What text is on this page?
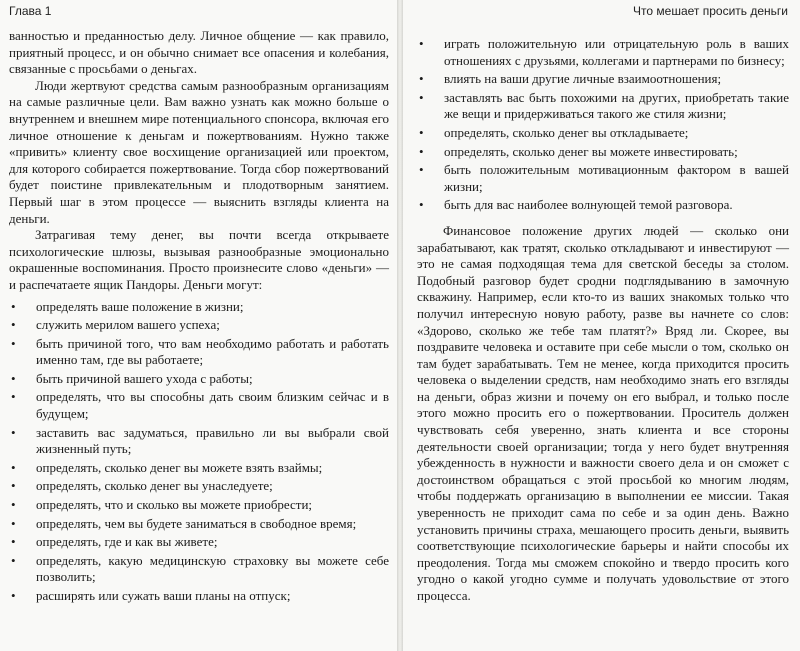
Глава 1

ванностью и преданностью делу. Личное общение — как правило, приятный процесс, и он обычно снимает все опасения и колебания, связанные с просьбами о деньгах.

Люди жертвуют средства самым разнообразным организациям на самые различные цели. Вам важно узнать как можно больше о внутреннем и внешнем мире потенциального спонсора, включая его личное отношение к деньгам и пожертвованиям. Нужно также «привить» клиенту свое восхищение организацией или проектом, для которого собирается пожертвование. Тогда сбор пожертвований будет поистине привлекательным и плодотворным занятием. Первый шаг в этом процессе — выяснить взгляды клиента на деньги.

Затрагивая тему денег, вы почти всегда открываете психологические шлюзы, вызывая разнообразные эмоционально окрашенные воспоминания. Просто произнесите слово «деньги» — и распечатаете ящик Пандоры. Деньги могут:

• определять ваше положение в жизни;
• служить мерилом вашего успеха;
• быть причиной того, что вам необходимо работать и работать именно там, где вы работаете;
• быть причиной вашего ухода с работы;
• определять, что вы способны дать своим близким сейчас и в будущем;
• заставить вас задуматься, правильно ли вы выбрали свой жизненный путь;
• определять, сколько денег вы можете взять взаймы;
• определять, сколько денег вы унаследуете;
• определять, что и сколько вы можете приобрести;
• определять, чем вы будете заниматься в свободное время;
• определять, где и как вы живете;
• определять, какую медицинскую страховку вы можете себе позволить;
• расширять или сужать ваши планы на отпуск;
Что мешает просить деньги
• играть положительную или отрицательную роль в ваших отношениях с друзьями, коллегами и партнерами по бизнесу;
• влиять на ваши другие личные взаимоотношения;
• заставлять вас быть похожими на других, приобретать такие же вещи и придерживаться такого же стиля жизни;
• определять, сколько денег вы откладываете;
• определять, сколько денег вы можете инвестировать;
• быть положительным мотивационным фактором в вашей жизни;
• быть для вас наиболее волнующей темой разговора.

Финансовое положение других людей — сколько они зарабатывают, как тратят, сколько откладывают и инвестируют — это не самая подходящая тема для светской беседы за столом. Подобный разговор будет сродни подглядыванию в замочную скважину. Например, если кто-то из ваших знакомых только что получил интересную новую работу, разве вы начнете со слов: «Здорово, сколько же тебе там платят?» Вряд ли. Скорее, вы поздравите человека и оставите при себе мысли о том, сколько он там будет зарабатывать. Тем не менее, когда приходится просить человека о выделении средств, нам необходимо знать его взгляды на деньги, образ жизни и почему он его выбрал, и только после этого можно просить его о пожертвовании. Проситель должен чувствовать себя уверенно, знать клиента и все стороны деятельности своей организации; тогда у него будет внутренняя убежденность в нужности и важности своего дела и он сможет с достоинством обращаться с этой просьбой ко многим людям, чтобы поддержать организацию в выполнении ее миссии. Такая уверенность не приходит сама по себе и за один день. Важно установить причины страха, мешающего просить деньги, выявить соответствующие психологические барьеры и найти способы их преодоления. Тогда мы сможем спокойно и твердо просить кого угодно о какой угодно сумме и получать удовольствие от этого процесса.
